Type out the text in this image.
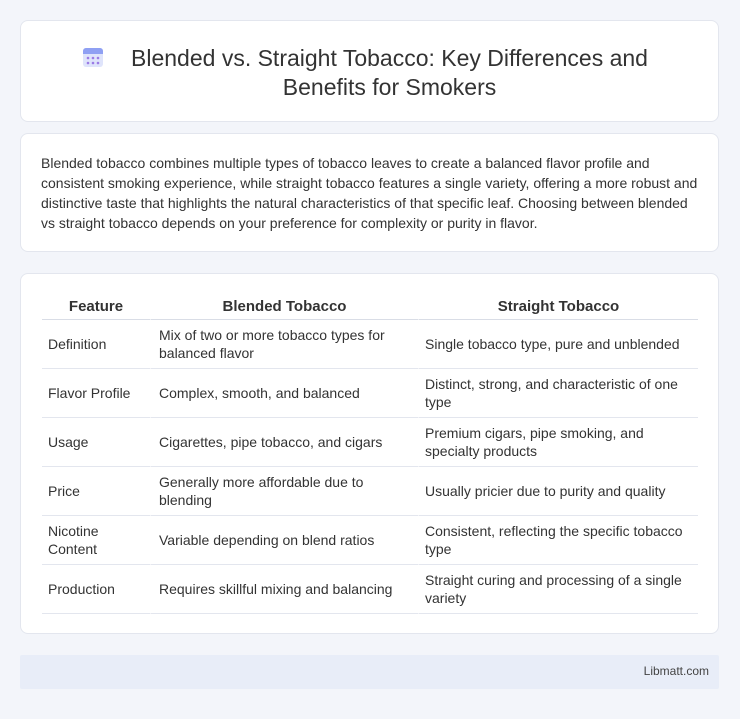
Blended vs. Straight Tobacco: Key Differences and Benefits for Smokers

Blended tobacco combines multiple types of tobacco leaves to create a balanced flavor profile and consistent smoking experience, while straight tobacco features a single variety, offering a more robust and distinctive taste that highlights the natural characteristics of that specific leaf. Choosing between blended vs straight tobacco depends on your preference for complexity or purity in flavor.

Feature	Blended Tobacco	Straight Tobacco
Definition	Mix of two or more tobacco types for balanced flavor	Single tobacco type, pure and unblended
Flavor Profile	Complex, smooth, and balanced	Distinct, strong, and characteristic of one type
Usage	Cigarettes, pipe tobacco, and cigars	Premium cigars, pipe smoking, and specialty products
Price	Generally more affordable due to blending	Usually pricier due to purity and quality
Nicotine Content	Variable depending on blend ratios	Consistent, reflecting the specific tobacco type
Production	Requires skillful mixing and balancing	Straight curing and processing of a single variety
Libmatt.com
